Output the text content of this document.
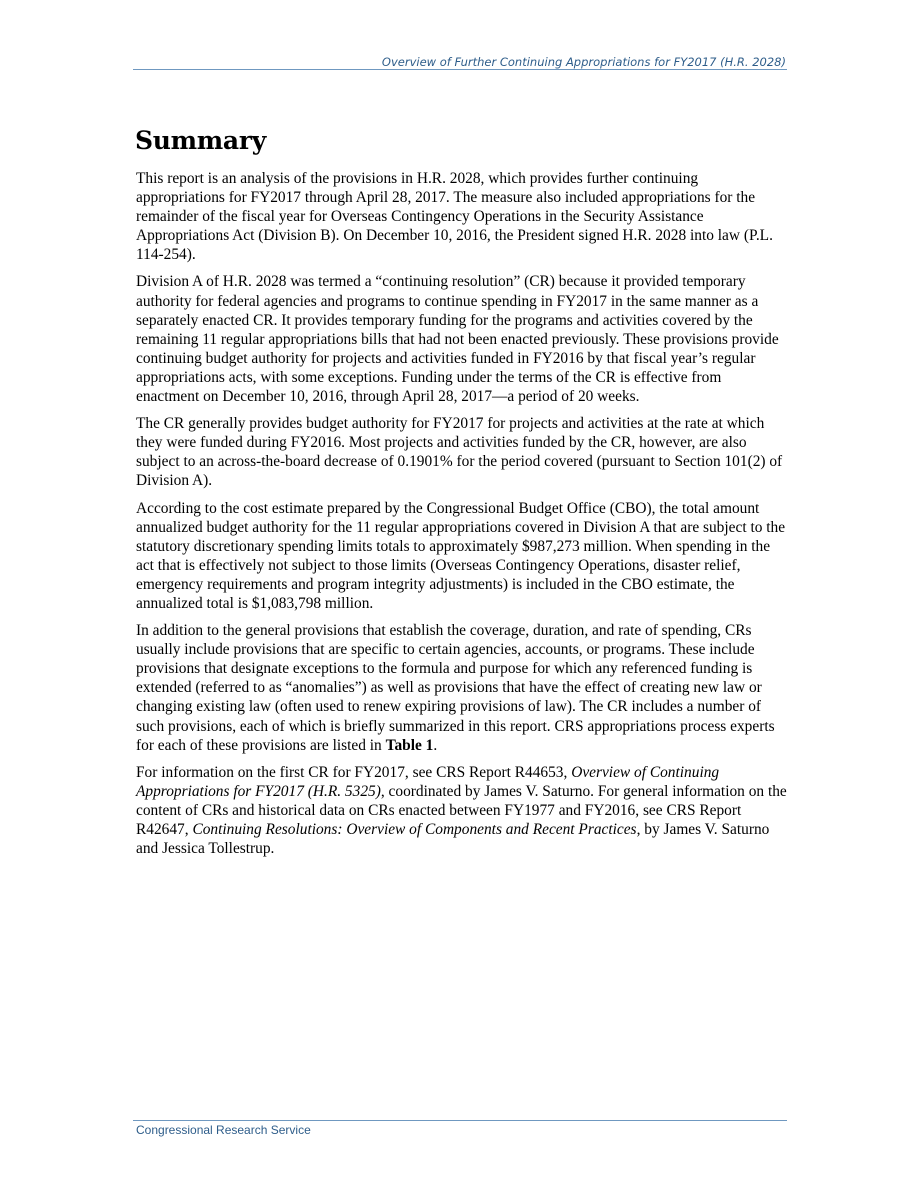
Overview of Further Continuing Appropriations for FY2017 (H.R. 2028)
Summary

This report is an analysis of the provisions in H.R. 2028, which provides further continuing appropriations for FY2017 through April 28, 2017. The measure also included appropriations for the remainder of the fiscal year for Overseas Contingency Operations in the Security Assistance Appropriations Act (Division B). On December 10, 2016, the President signed H.R. 2028 into law (P.L. 114-254).

Division A of H.R. 2028 was termed a “continuing resolution” (CR) because it provided temporary authority for federal agencies and programs to continue spending in FY2017 in the same manner as a separately enacted CR. It provides temporary funding for the programs and activities covered by the remaining 11 regular appropriations bills that had not been enacted previously. These provisions provide continuing budget authority for projects and activities funded in FY2016 by that fiscal year’s regular appropriations acts, with some exceptions. Funding under the terms of the CR is effective from enactment on December 10, 2016, through April 28, 2017—a period of 20 weeks.

The CR generally provides budget authority for FY2017 for projects and activities at the rate at which they were funded during FY2016. Most projects and activities funded by the CR, however, are also subject to an across-the-board decrease of 0.1901% for the period covered (pursuant to Section 101(2) of Division A).

According to the cost estimate prepared by the Congressional Budget Office (CBO), the total amount annualized budget authority for the 11 regular appropriations covered in Division A that are subject to the statutory discretionary spending limits totals to approximately $987,273 million. When spending in the act that is effectively not subject to those limits (Overseas Contingency Operations, disaster relief, emergency requirements and program integrity adjustments) is included in the CBO estimate, the annualized total is $1,083,798 million.

In addition to the general provisions that establish the coverage, duration, and rate of spending, CRs usually include provisions that are specific to certain agencies, accounts, or programs. These include provisions that designate exceptions to the formula and purpose for which any referenced funding is extended (referred to as “anomalies”) as well as provisions that have the effect of creating new law or changing existing law (often used to renew expiring provisions of law). The CR includes a number of such provisions, each of which is briefly summarized in this report. CRS appropriations process experts for each of these provisions are listed in Table 1.

For information on the first CR for FY2017, see CRS Report R44653, Overview of Continuing Appropriations for FY2017 (H.R. 5325), coordinated by James V. Saturno. For general information on the content of CRs and historical data on CRs enacted between FY1977 and FY2016, see CRS Report R42647, Continuing Resolutions: Overview of Components and Recent Practices, by James V. Saturno and Jessica Tollestrup.

Congressional Research Service
